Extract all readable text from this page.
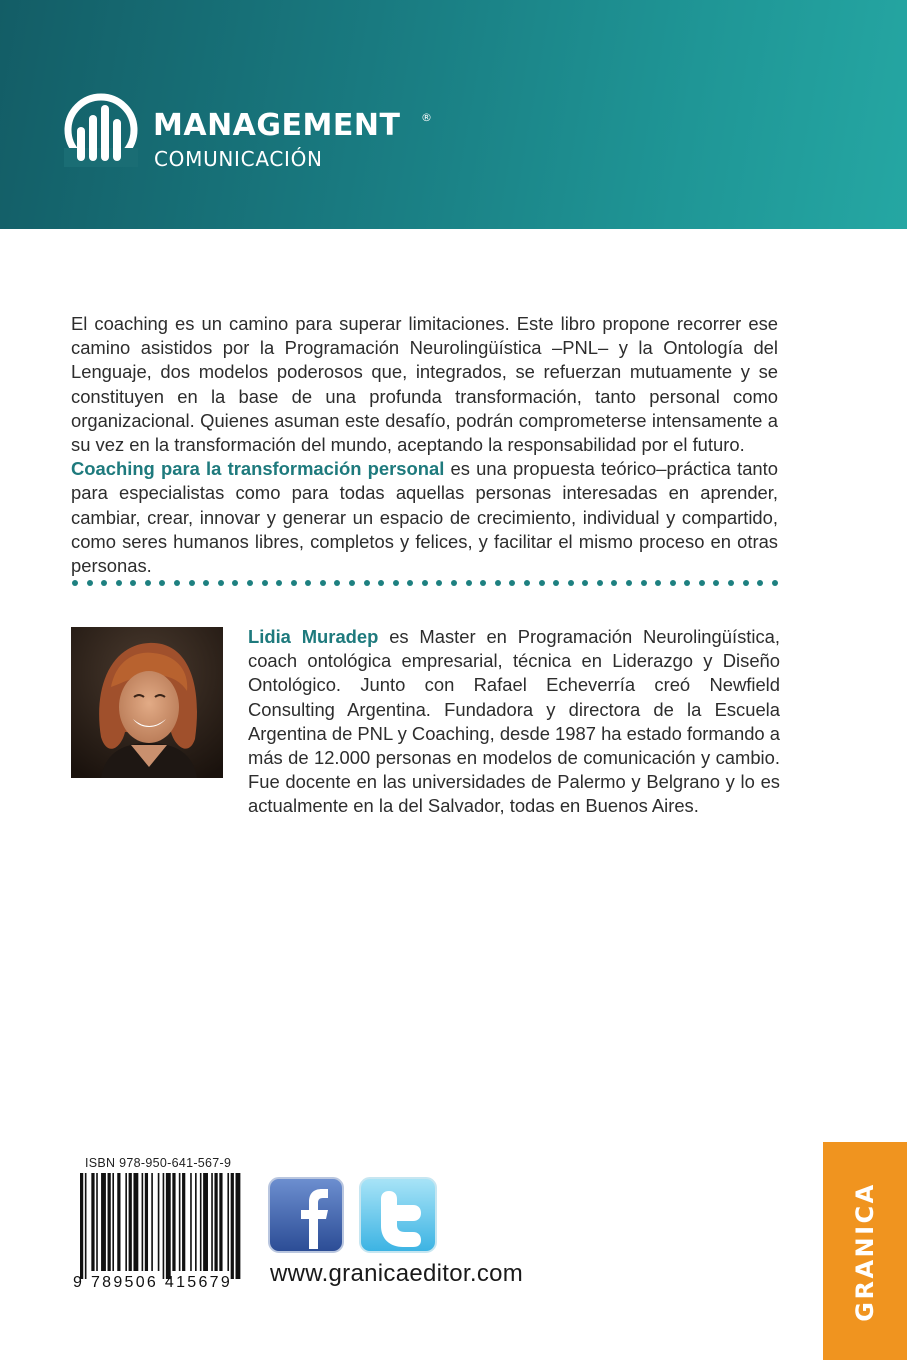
MANAGEMENT ®
COMUNICACIÓN

El coaching es un camino para superar limitaciones. Este libro propone recorrer ese camino asistidos por la Programación Neurolingüística –PNL– y la Ontología del Lenguaje, dos modelos poderosos que, integrados, se refuerzan mutuamente y se constituyen en la base de una profunda transformación, tanto personal como organizacional. Quienes asuman este desafío, podrán comprometerse intensamente a su vez en la transformación del mundo, aceptando la responsabilidad por el futuro.

Coaching para la transformación personal es una propuesta teórico–práctica tanto para especialistas como para todas aquellas personas interesadas en aprender, cambiar, crear, innovar y generar un espacio de crecimiento, individual y compartido, como seres humanos libres, completos y felices, y facilitar el mismo proceso en otras personas.

Lidia Muradep es Master en Programación Neurolingüística, coach ontológica empresarial, técnica en Liderazgo y Diseño Ontológico. Junto con Rafael Echeverría creó Newfield Consulting Argentina. Fundadora y directora de la Escuela Argentina de PNL y Coaching, desde 1987 ha estado formando a más de 12.000 personas en modelos de comunicación y cambio. Fue docente en las universidades de Palermo y Belgrano y lo es actualmente en la del Salvador, todas en Buenos Aires.
ISBN 978-950-641-567-9
9 789506 415679	www.granicaeditor.com	GRANICA
